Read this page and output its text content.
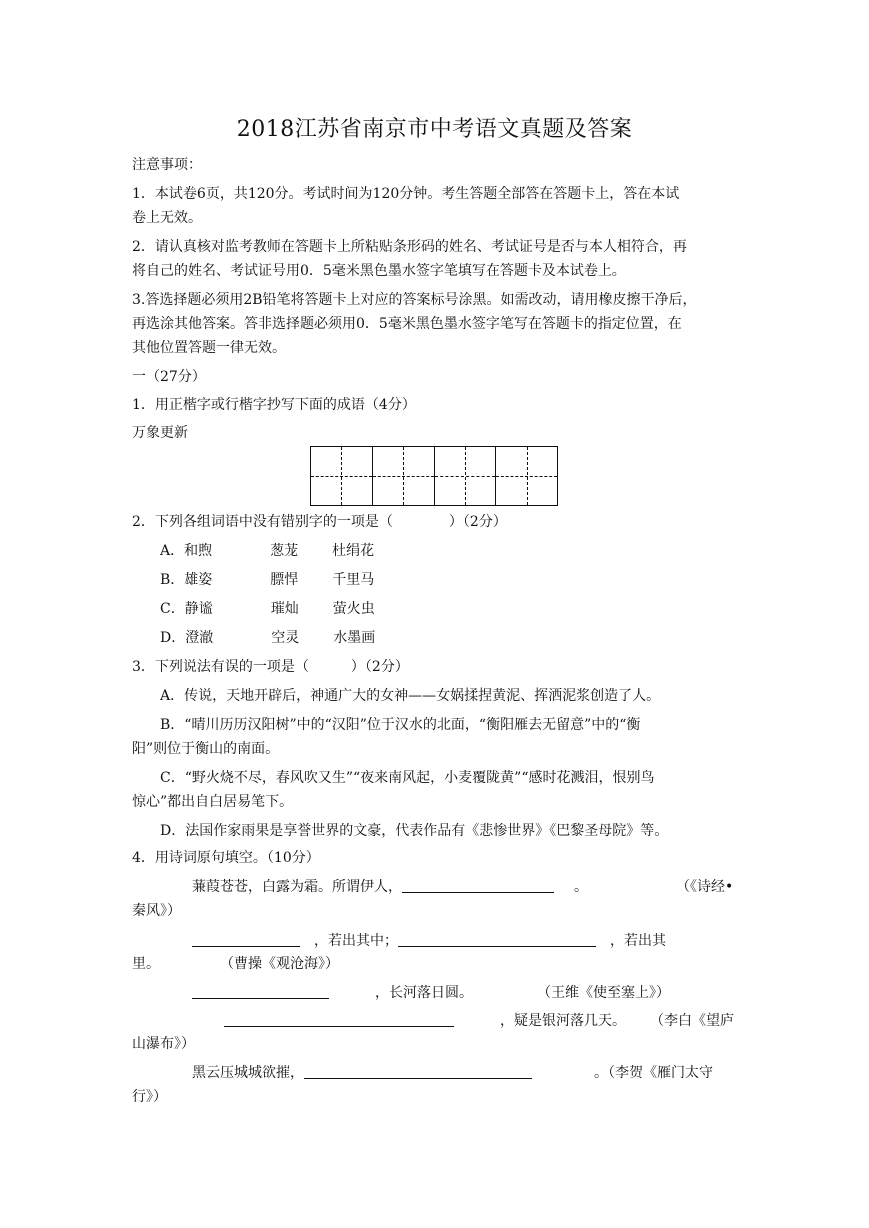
2018江苏省南京市中考语文真题及答案
注意事项：
1．本试卷6页，共120分。考试时间为120分钟。考生答题全部答在答题卡上，答在本试
卷上无效。
2．请认真核对监考教师在答题卡上所粘贴条形码的姓名、考试证号是否与本人相符合，再
将自己的姓名、考试证号用0．5毫米黑色墨水签字笔填写在答题卡及本试卷上。
3.答选择题必须用2B铅笔将答题卡上对应的答案标号涂黑。如需改动，请用橡皮擦干净后，
再选涂其他答案。答非选择题必须用0．5毫米黑色墨水签字笔写在答题卡的指定位置，在
其他位置答题一律无效。
一（27分）
1．用正楷字或行楷字抄写下面的成语（4分）
万象更新
2．下列各组词语中没有错别字的一项是（　　　　）（2分）
A．和煦	葱茏 杜绢花
B．雄姿	膘悍 千里马
C．静谧	璀灿 萤火虫
D．澄澈	空灵 水墨画
3．下列说法有误的一项是（　　　）（2分）
A．传说，天地开辟后，神通广大的女神——女娲揉捏黄泥、挥洒泥浆创造了人。
B．“晴川历历汉阳树”中的“汉阳”位于汉水的北面，“衡阳雁去无留意”中的“衡
阳”则位于衡山的南面。
C．“野火烧不尽，春风吹又生”“夜来南风起，小麦覆陇黄”“感时花溅泪，恨别鸟
惊心”都出自白居易笔下。
D．法国作家雨果是享誉世界的文豪，代表作品有《悲惨世界》《巴黎圣母院》等。
4．用诗词原句填空。（10分）
蒹葭苍苍，白露为霜。所谓伊人，	。	（《诗经•
秦风》）
，若出其中；	，若出其
里。	（曹操《观沧海》）
，长河落日圆。	（王维《使至塞上》）
，疑是银河落几天。 （李白《望庐
山瀑布》）
黑云压城城欲摧，	。（李贺《雁门太守
行》）
